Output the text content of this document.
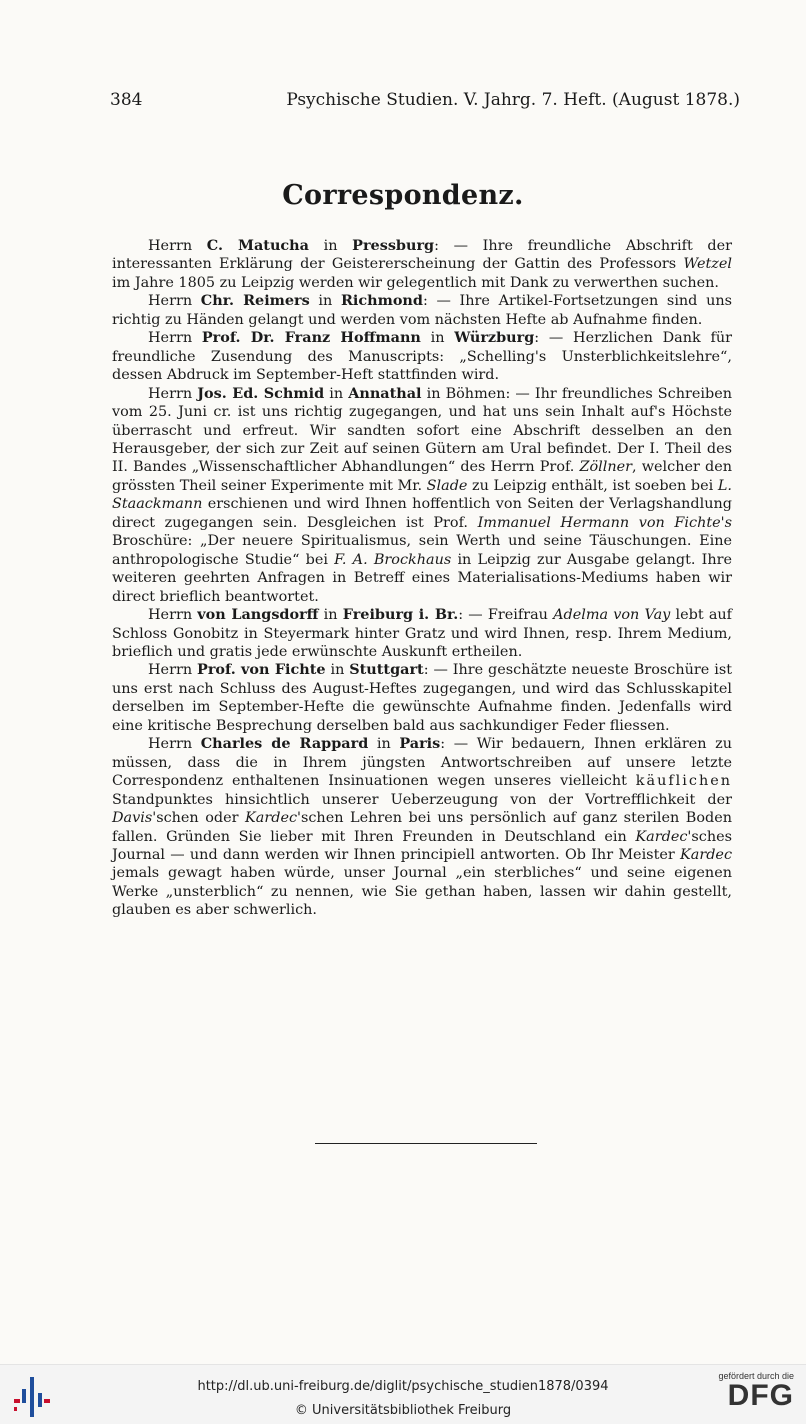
384	Psychische Studien. V. Jahrg. 7. Heft. (August 1878.)
Correspondenz.

Herrn C. Matucha in Pressburg: — Ihre freundliche Abschrift der interessanten Erklärung der Geistererscheinung der Gattin des Professors Wetzel im Jahre 1805 zu Leipzig werden wir gelegentlich mit Dank zu verwerthen suchen.

Herrn Chr. Reimers in Richmond: — Ihre Artikel-Fortsetzungen sind uns richtig zu Händen gelangt und werden vom nächsten Hefte ab Aufnahme finden.

Herrn Prof. Dr. Franz Hoffmann in Würzburg: — Herzlichen Dank für freundliche Zusendung des Manuscripts: „Schelling's Unsterblichkeitslehre“, dessen Abdruck im September-Heft stattfinden wird.

Herrn Jos. Ed. Schmid in Annathal in Böhmen: — Ihr freundliches Schreiben vom 25. Juni cr. ist uns richtig zugegangen, und hat uns sein Inhalt auf's Höchste überrascht und erfreut. Wir sandten sofort eine Abschrift desselben an den Herausgeber, der sich zur Zeit auf seinen Gütern am Ural befindet. Der I. Theil des II. Bandes „Wissenschaftlicher Abhandlungen“ des Herrn Prof. Zöllner, welcher den grössten Theil seiner Experimente mit Mr. Slade zu Leipzig enthält, ist soeben bei L. Staackmann erschienen und wird Ihnen hoffentlich von Seiten der Verlagshandlung direct zugegangen sein. Desgleichen ist Prof. Immanuel Hermann von Fichte's Broschüre: „Der neuere Spiritualismus, sein Werth und seine Täuschungen. Eine anthropologische Studie“ bei F. A. Brockhaus in Leipzig zur Ausgabe gelangt. Ihre weiteren geehrten Anfragen in Betreff eines Materialisations-Mediums haben wir direct brieflich beantwortet.

Herrn von Langsdorff in Freiburg i. Br.: — Freifrau Adelma von Vay lebt auf Schloss Gonobitz in Steyermark hinter Gratz und wird Ihnen, resp. Ihrem Medium, brieflich und gratis jede erwünschte Auskunft ertheilen.

Herrn Prof. von Fichte in Stuttgart: — Ihre geschätzte neueste Broschüre ist uns erst nach Schluss des August-Heftes zugegangen, und wird das Schlusskapitel derselben im September-Hefte die gewünschte Aufnahme finden. Jedenfalls wird eine kritische Besprechung derselben bald aus sachkundiger Feder fliessen.

Herrn Charles de Rappard in Paris: — Wir bedauern, Ihnen erklären zu müssen, dass die in Ihrem jüngsten Antwortschreiben auf unsere letzte Correspondenz enthaltenen Insinuationen wegen unseres vielleicht käuflichen Standpunktes hinsichtlich unserer Ueberzeugung von der Vortrefflichkeit der Davis'schen oder Kardec'schen Lehren bei uns persönlich auf ganz sterilen Boden fallen. Gründen Sie lieber mit Ihren Freunden in Deutschland ein Kardec'sches Journal — und dann werden wir Ihnen principiell antworten. Ob Ihr Meister Kardec jemals gewagt haben würde, unser Journal „ein sterbliches“ und seine eigenen Werke „unsterblich“ zu nennen, wie Sie gethan haben, lassen wir dahin gestellt, glauben es aber schwerlich.

http://dl.ub.uni-freiburg.de/diglit/psychische_studien1878/0394
© Universitätsbibliothek Freiburg
gefördert durch die
DFG
